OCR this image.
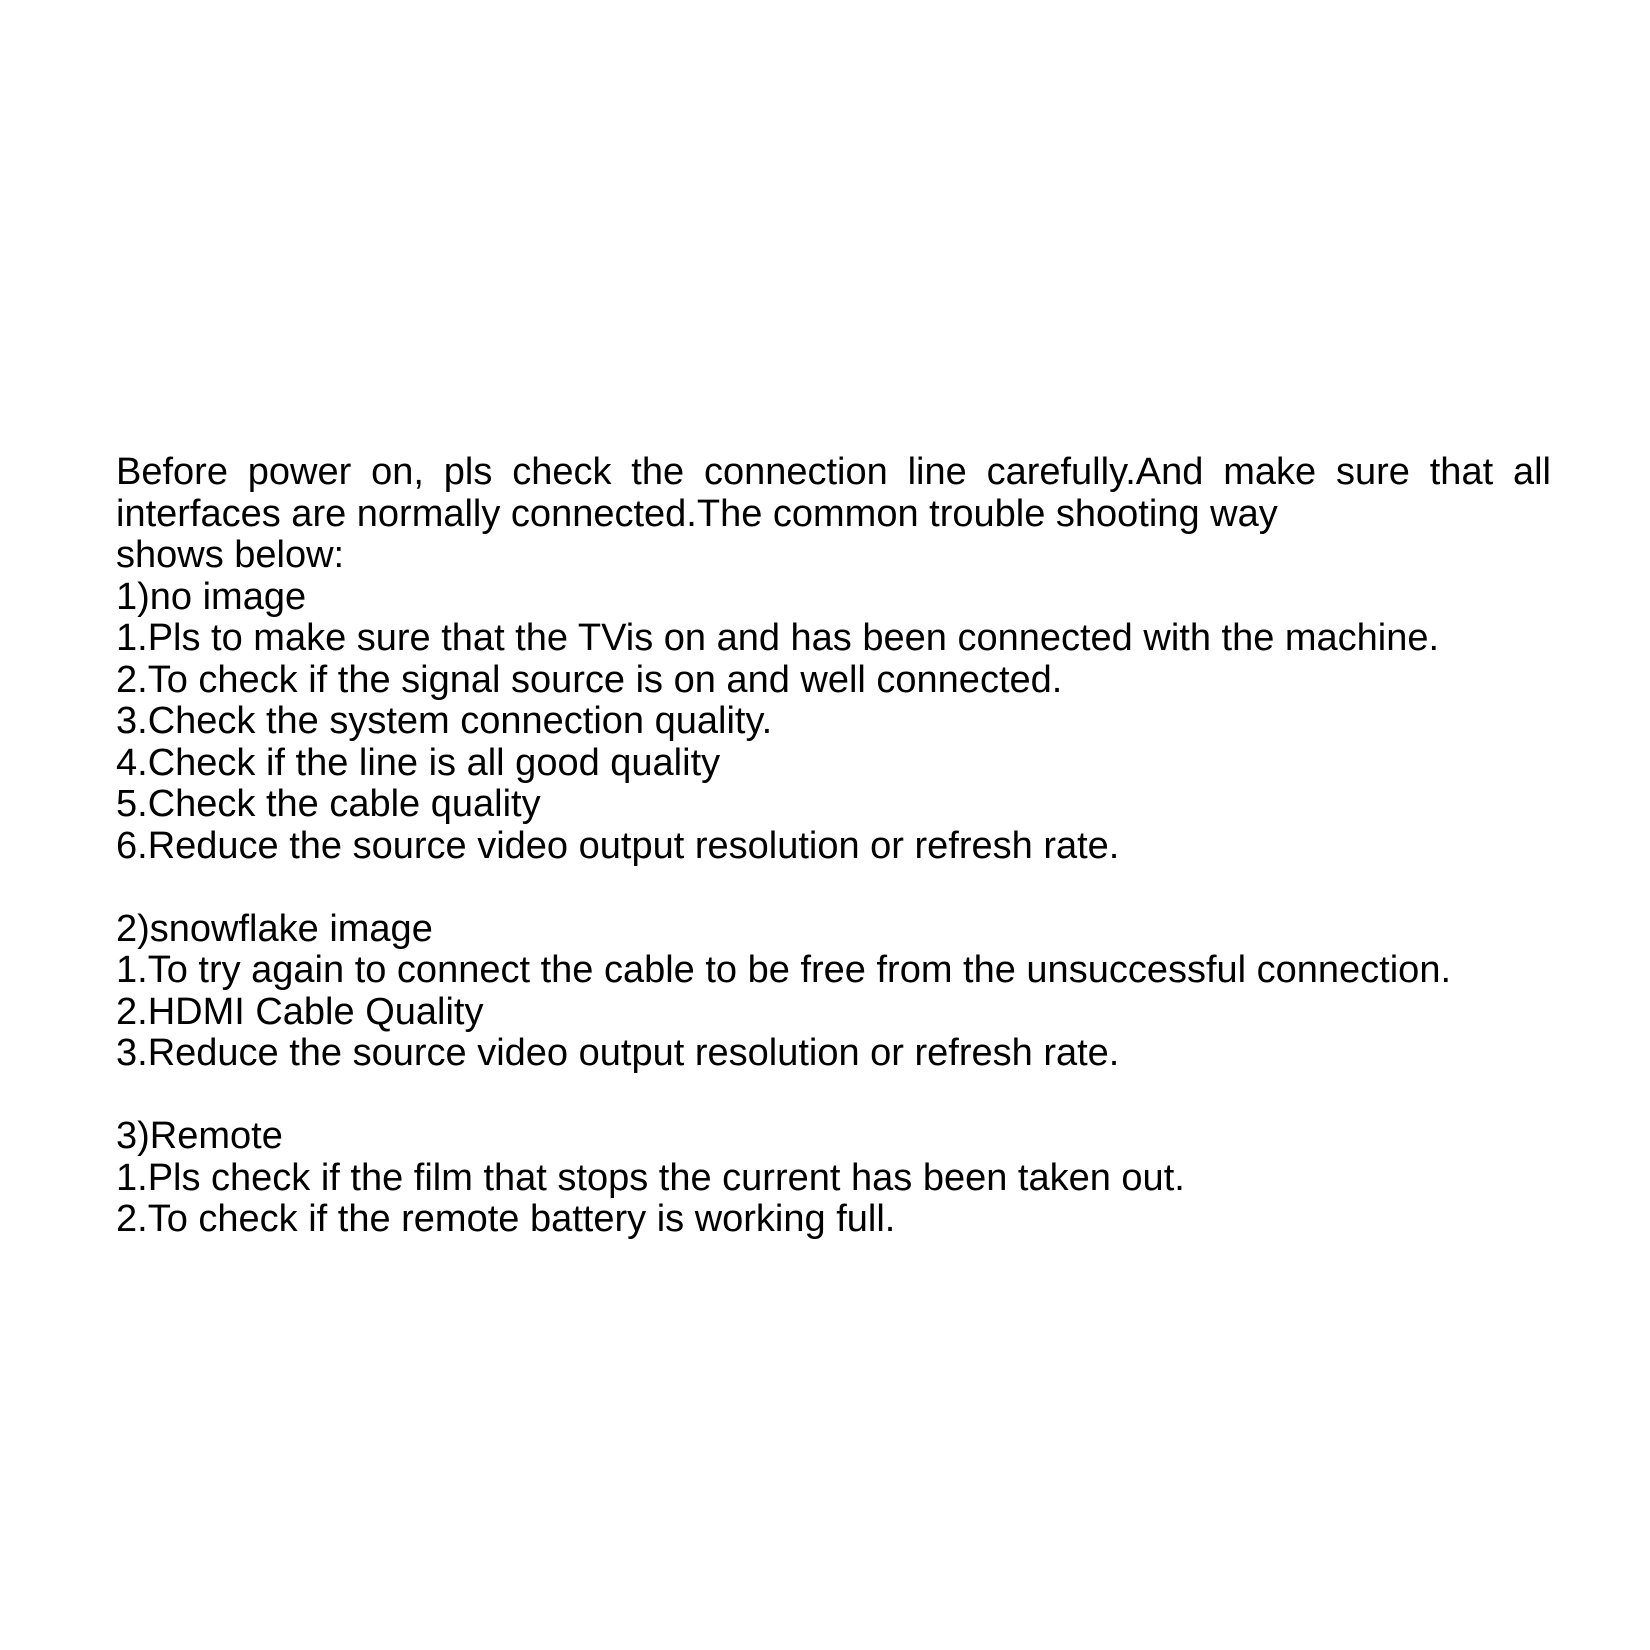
Before power on, pls check the connection line carefully.And make sure that all

interfaces are normally connected.The common trouble shooting way

shows below:

1)no image

1.Pls to make sure that the TVis on and has been connected with the machine.

2.To check if the signal source is on and well connected.

3.Check the system connection quality.

4.Check if the line is all good quality

5.Check the cable quality

6.Reduce the source video output resolution or refresh rate.

2)snowflake image

1.To try again to connect the cable to be free from the unsuccessful connection.

2.HDMI Cable Quality

3.Reduce the source video output resolution or refresh rate.

3)Remote

1.Pls check if the film that stops the current has been taken out.

2.To check if the remote battery is working full.
